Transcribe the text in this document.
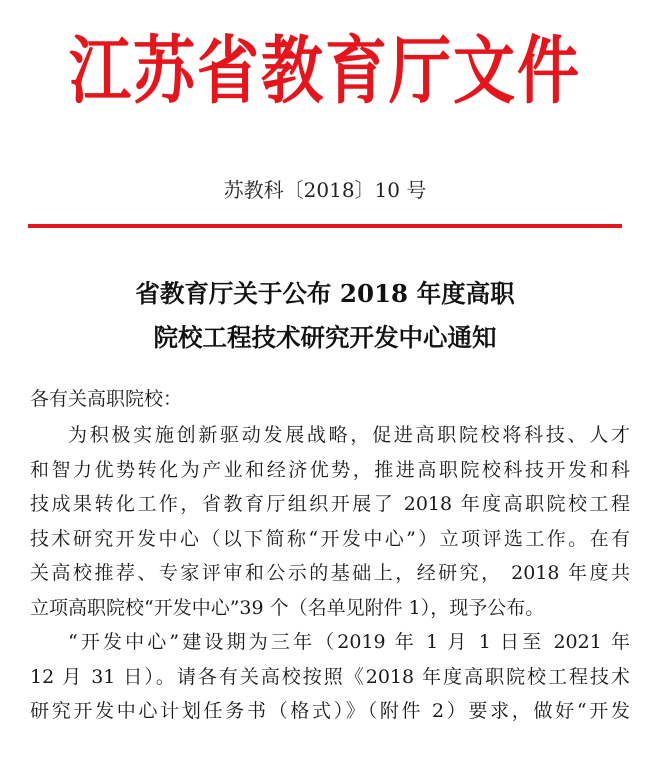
江苏省教育厅文件
苏教科〔2018〕10 号
省教育厅关于公布 2018 年度高职
院校工程技术研究开发中心通知
各有关高职院校：
为积极实施创新驱动发展战略，促进高职院校将科技、人才
和智力优势转化为产业和经济优势，推进高职院校科技开发和科
技成果转化工作，省教育厅组织开展了 2018 年度高职院校工程
技术研究开发中心（以下简称“开发中心”）立项评选工作。在有
关高校推荐、专家评审和公示的基础上，经研究， 2018 年度共
立项高职院校“开发中心”39 个（名单见附件 1），现予公布。
“开发中心”建设期为三年（2019 年 1 月 1 日至 2021 年
12 月 31 日）。请各有关高校按照《2018 年度高职院校工程技术
研究开发中心计划任务书（格式）》（附件 2）要求，做好“开发
